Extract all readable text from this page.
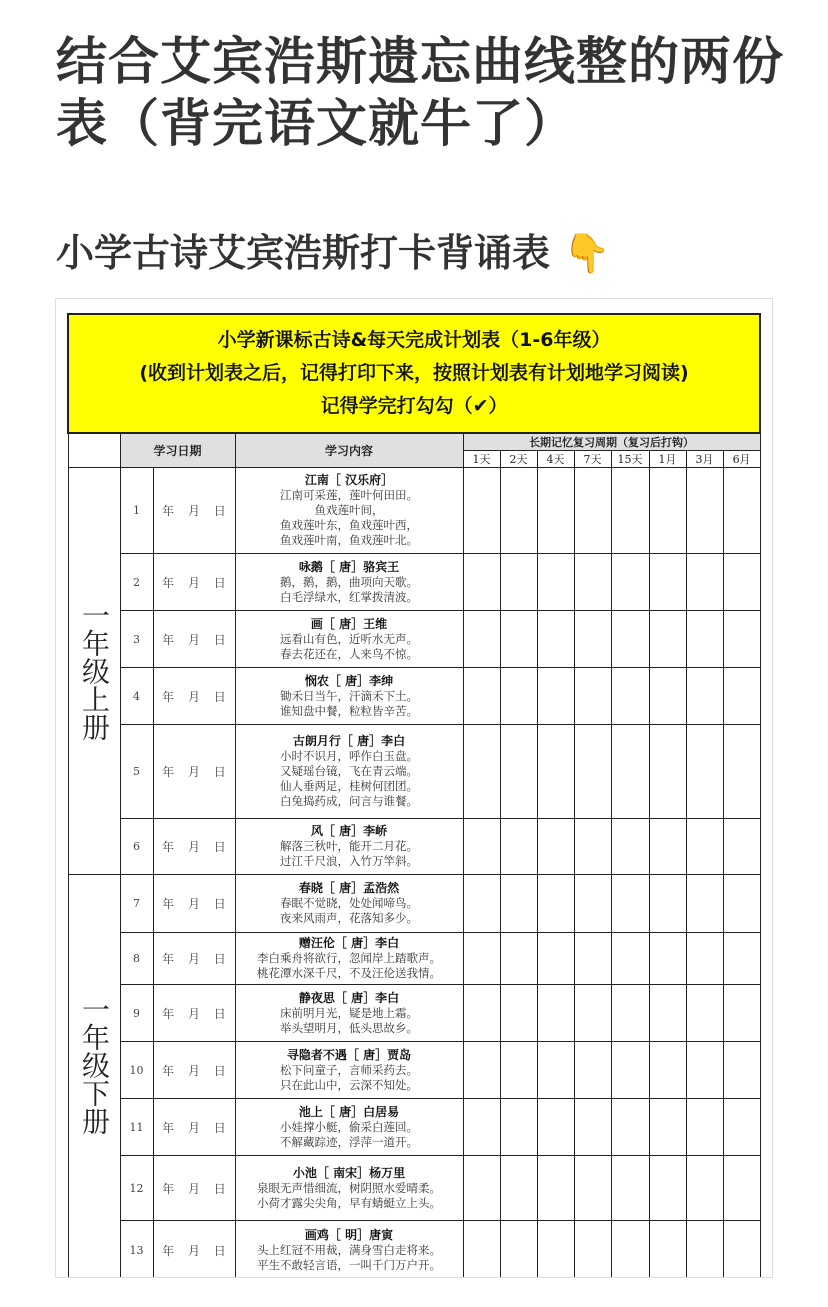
结合艾宾浩斯遗忘曲线整的两份表（背完语文就牛了）
小学古诗艾宾浩斯打卡背诵表 👇
小学新课标古诗&每天完成计划表（1-6年级）
(收到计划表之后，记得打印下来，按照计划表有计划地学习阅读)
记得学完打勾勾（✔）											

	学习日期		学习内容	长期记忆复习周期（复习后打钩）							
				1天	2天	4天	7天	15天	1月	3月	6月

一年级上册	1	年 月 日	江南［ 汉乐府］
江南可采莲，莲叶何田田。
鱼戏莲叶间，
鱼戏莲叶东，鱼戏莲叶西，
鱼戏莲叶南，鱼戏莲叶北。								

	2	年 月 日	咏鹅［ 唐］骆宾王
鹅，鹅，鹅，曲项向天歌。
白毛浮绿水，红掌拨清波。								

	3	年 月 日	画［ 唐］王维
远看山有色，近听水无声。
春去花还在，人来鸟不惊。								

	4	年 月 日	悯农［ 唐］李绅
锄禾日当午，汗滴禾下土。
谁知盘中餐，粒粒皆辛苦。								

	5	年 月 日	古朗月行［ 唐］李白
小时不识月，呼作白玉盘。
又疑瑶台镜，飞在青云端。
仙人垂两足，桂树何团团。
白兔捣药成，问言与谁餐。								

	6	年 月 日	风［ 唐］李峤
解落三秋叶，能开二月花。
过江千尺浪，入竹万竿斜。								

一年级下册	7	年 月 日	春晓［ 唐］孟浩然
春眠不觉晓，处处闻啼鸟。
夜来风雨声，花落知多少。								

	8	年 月 日	赠汪伦［ 唐］李白
李白乘舟将欲行，忽闻岸上踏歌声。
桃花潭水深千尺，不及汪伦送我情。								

	9	年 月 日	静夜思［ 唐］李白
床前明月光，疑是地上霜。
举头望明月，低头思故乡。								

	10	年 月 日	寻隐者不遇［ 唐］贾岛
松下问童子，言师采药去。
只在此山中，云深不知处。								

	11	年 月 日	池上［ 唐］白居易
小娃撑小艇，偷采白莲回。
不解藏踪迹，浮萍一道开。								

	12	年 月 日	小池［ 南宋］杨万里
泉眼无声惜细流，树阴照水爱晴柔。
小荷才露尖尖角，早有蜻蜓立上头。								

	13	年 月 日	画鸡［ 明］唐寅
头上红冠不用裁，满身雪白走将来。
平生不敢轻言语，一叫千门万户开。								
